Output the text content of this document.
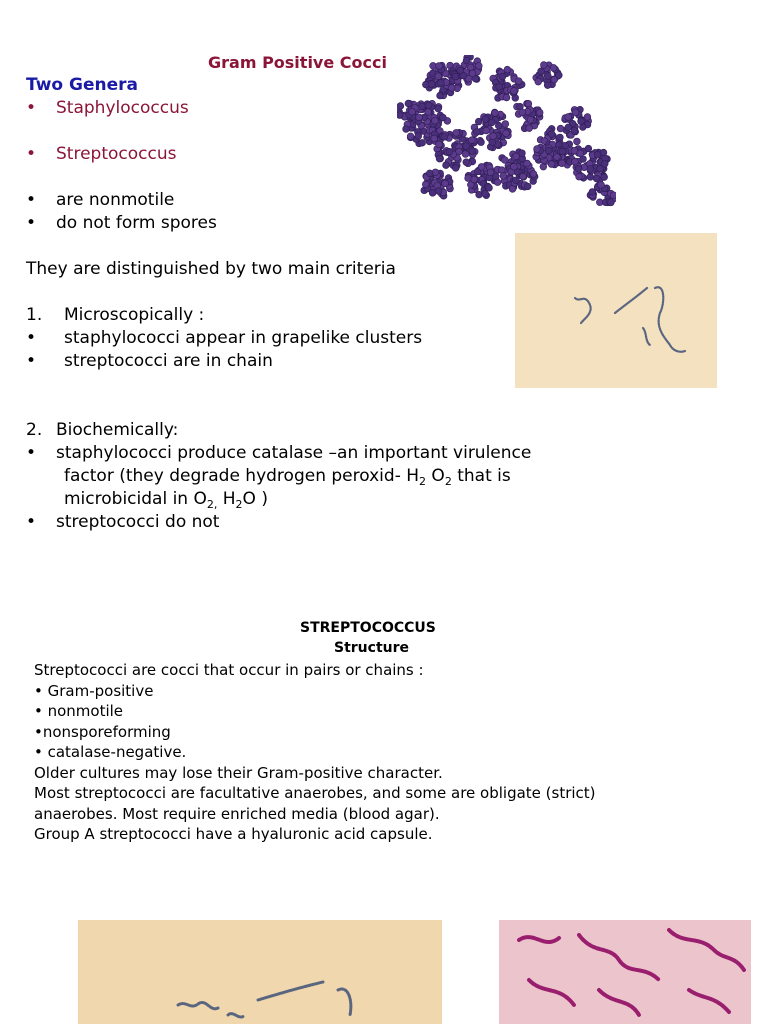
Gram Positive Cocci
Two Genera
• Staphylococcus
• Streptococcus
• are nonmotile
• do not form spores
They are distinguished by two main criteria
1. Microscopically :
• staphylococci appear in grapelike clusters
• streptococci are in chain
2. Biochemically:
• staphylococci produce catalase –an important virulence
factor (they degrade hydrogen peroxid- $H_2$ $O_2$ that is
microbicidal in $O_{2,}$ $H_2O$ )
• streptococci do not
ASM MicrobeLibrary.org © Smith
STREPTOCOCCUS
Structure
Streptococci are cocci that occur in pairs or chains :
• Gram-positive
• nonmotile
•nonsporeforming
• catalase-negative.
Older cultures may lose their Gram-positive character.
Most streptococci are facultative anaerobes, and some are obligate (strict)
anaerobes. Most require enriched media (blood agar).
Group A streptococci have a hyaluronic acid capsule.
